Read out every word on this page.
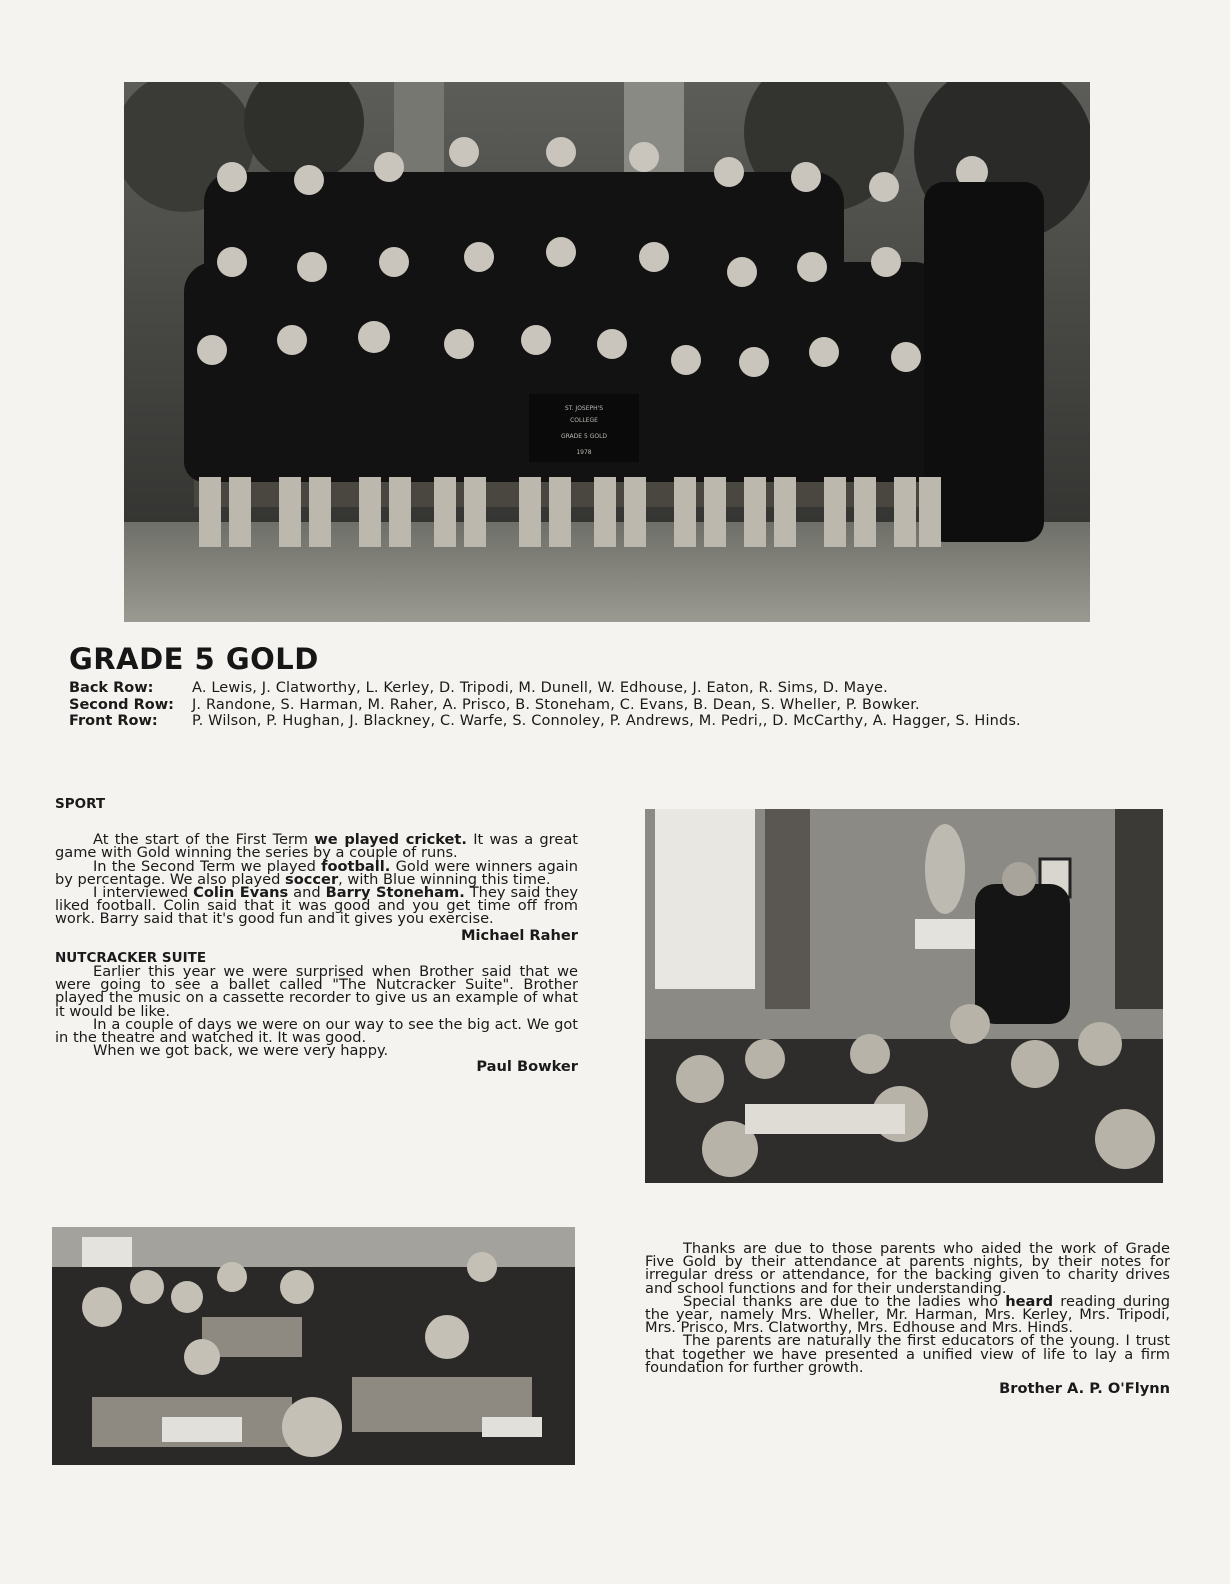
ST. JOSEPH'S
COLLEGE
GRADE 5 GOLD
1978
GRADE 5 GOLD
Back Row:	A. Lewis, J. Clatworthy, L. Kerley, D. Tripodi, M. Dunell, W. Edhouse, J. Eaton, R. Sims, D. Maye.
Second Row:	J. Randone, S. Harman, M. Raher, A. Prisco, B. Stoneham, C. Evans, B. Dean, S. Wheller, P. Bowker.
Front Row:	P. Wilson, P. Hughan, J. Blackney, C. Warfe, S. Connoley, P. Andrews, M. Pedri,, D. McCarthy, A. Hagger, S. Hinds.
SPORT

At the start of the First Term we played cricket. It was a great game with Gold winning the series by a couple of runs.

In the Second Term we played football. Gold were winners again by percentage. We also played soccer, with Blue winning this time.

I interviewed Colin Evans and Barry Stoneham. They said they liked football. Colin said that it was good and you get time off from work. Barry said that it's good fun and it gives you exercise.

Michael Raher

NUTCRACKER SUITE

Earlier this year we were surprised when Brother said that we were going to see a ballet called "The Nutcracker Suite". Brother played the music on a cassette recorder to give us an example of what it would be like.

In a couple of days we were on our way to see the big act. We got in the theatre and watched it. It was good.

When we got back, we were very happy.

Paul Bowker

Thanks are due to those parents who aided the work of Grade Five Gold by their attendance at parents nights, by their notes for irregular dress or attendance, for the backing given to charity drives and school functions and for their understanding.

Special thanks are due to the ladies who heard reading during the year, namely Mrs. Wheller, Mr. Harman, Mrs. Kerley, Mrs. Tripodi, Mrs. Prisco, Mrs. Clatworthy, Mrs. Edhouse and Mrs. Hinds.

The parents are naturally the first educators of the young. I trust that together we have presented a unified view of life to lay a firm foundation for further growth.

Brother A. P. O'Flynn
